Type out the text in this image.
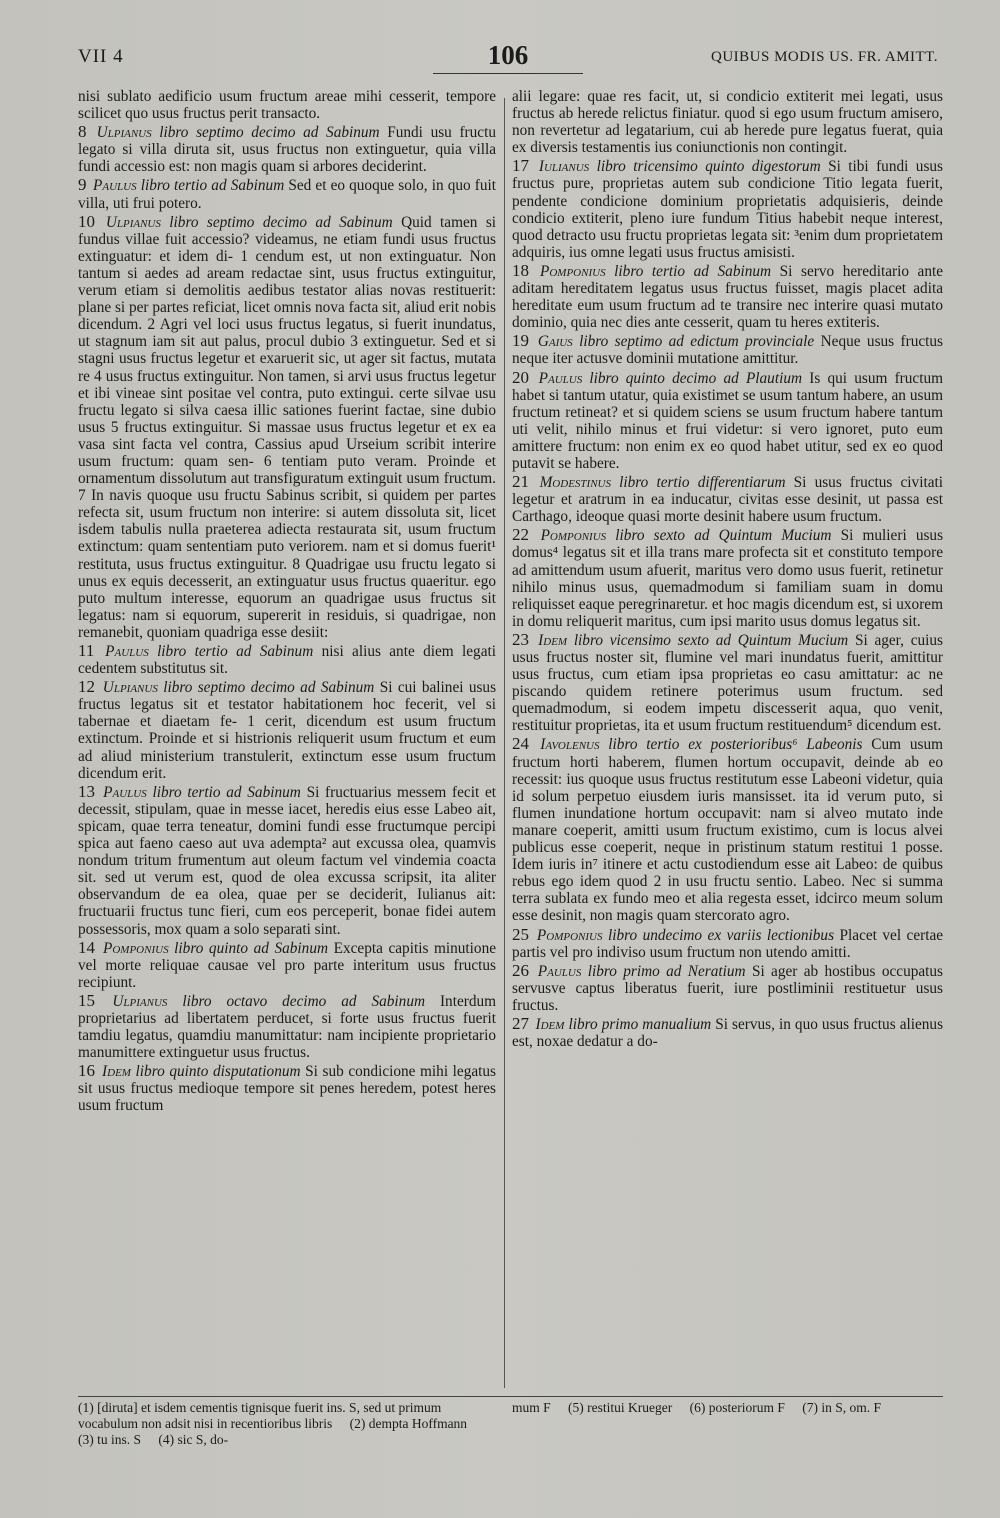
VII 4	106	QUIBUS MODIS US. FR. AMITT.
nisi sublato aedificio usum fructum areae mihi cesserit, tempore scilicet quo usus fructus perit transacto.
8 Ulpianus libro septimo decimo ad Sabinum Fundi usu fructu legato si villa diruta sit, usus fructus non extinguetur, quia villa fundi accessio est: non magis quam si arbores deciderint.
9 Paulus libro tertio ad Sabinum Sed et eo quoque solo, in quo fuit villa, uti frui potero.
10 Ulpianus libro septimo decimo ad Sabinum Quid tamen si fundus villae fuit accessio? videamus, ne etiam fundi usus fructus extinguatur: et idem di- 1 cendum est, ut non extinguatur. Non tantum si aedes ad aream redactae sint, usus fructus extinguitur, verum etiam si demolitis aedibus testator alias novas restituerit: plane si per partes reficiat, licet omnis nova facta sit, aliud erit nobis dicendum. 2 Agri vel loci usus fructus legatus, si fuerit inundatus, ut stagnum iam sit aut palus, procul dubio 3 extinguetur. Sed et si stagni usus fructus legetur et exaruerit sic, ut ager sit factus, mutata re 4 usus fructus extinguitur. Non tamen, si arvi usus fructus legetur et ibi vineae sint positae vel contra, puto extingui. certe silvae usu fructu legato si silva caesa illic sationes fuerint factae, sine dubio usus 5 fructus extinguitur. Si massae usus fructus legetur et ex ea vasa sint facta vel contra, Cassius apud Urseium scribit interire usum fructum: quam sen- 6 tentiam puto veram. Proinde et ornamentum dissolutum aut transfiguratum extinguit usum fructum. 7 In navis quoque usu fructu Sabinus scribit, si quidem per partes refecta sit, usum fructum non interire: si autem dissoluta sit, licet isdem tabulis nulla praeterea adiecta restaurata sit, usum fructum extinctum: quam sententiam puto veriorem. nam et si domus fuerit¹ restituta, usus fructus extinguitur. 8 Quadrigae usu fructu legato si unus ex equis decesserit, an extinguatur usus fructus quaeritur. ego puto multum interesse, equorum an quadrigae usus fructus sit legatus: nam si equorum, supererit in residuis, si quadrigae, non remanebit, quoniam quadriga esse desiit:
11 Paulus libro tertio ad Sabinum nisi alius ante diem legati cedentem substitutus sit.
12 Ulpianus libro septimo decimo ad Sabinum Si cui balinei usus fructus legatus sit et testator habitationem hoc fecerit, vel si tabernae et diaetam fe- 1 cerit, dicendum est usum fructum extinctum. Proinde et si histrionis reliquerit usum fructum et eum ad aliud ministerium transtulerit, extinctum esse usum fructum dicendum erit.
13 Paulus libro tertio ad Sabinum Si fructuarius messem fecit et decessit, stipulam, quae in messe iacet, heredis eius esse Labeo ait, spicam, quae terra teneatur, domini fundi esse fructumque percipi spica aut faeno caeso aut uva adempta² aut excussa olea, quamvis nondum tritum frumentum aut oleum factum vel vindemia coacta sit. sed ut verum est, quod de olea excussa scripsit, ita aliter observandum de ea olea, quae per se deciderit, Iulianus ait: fructuarii fructus tunc fieri, cum eos perceperit, bonae fidei autem possessoris, mox quam a solo separati sint.
14 Pomponius libro quinto ad Sabinum Excepta capitis minutione vel morte reliquae causae vel pro parte interitum usus fructus recipiunt.
15 Ulpianus libro octavo decimo ad Sabinum Interdum proprietarius ad libertatem perducet, si forte usus fructus fuerit tamdiu legatus, quamdiu manumittatur: nam incipiente proprietario manumittere extinguetur usus fructus.
16 Idem libro quinto disputationum Si sub condicione mihi legatus sit usus fructus medioque tempore sit penes heredem, potest heres usum fructum
alii legare: quae res facit, ut, si condicio extiterit mei legati, usus fructus ab herede relictus finiatur. quod si ego usum fructum amisero, non revertetur ad legatarium, cui ab herede pure legatus fuerat, quia ex diversis testamentis ius coniunctionis non contingit.
17 Iulianus libro tricensimo quinto digestorum Si tibi fundi usus fructus pure, proprietas autem sub condicione Titio legata fuerit, pendente condicione dominium proprietatis adquisieris, deinde condicio extiterit, pleno iure fundum Titius habebit neque interest, quod detracto usu fructu proprietas legata sit: ³enim dum proprietatem adquiris, ius omne legati usus fructus amisisti.
18 Pomponius libro tertio ad Sabinum Si servo hereditario ante aditam hereditatem legatus usus fructus fuisset, magis placet adita hereditate eum usum fructum ad te transire nec interire quasi mutato dominio, quia nec dies ante cesserit, quam tu heres extiteris.
19 Gaius libro septimo ad edictum provinciale Neque usus fructus neque iter actusve dominii mutatione amittitur.
20 Paulus libro quinto decimo ad Plautium Is qui usum fructum habet si tantum utatur, quia existimet se usum tantum habere, an usum fructum retineat? et si quidem sciens se usum fructum habere tantum uti velit, nihilo minus et frui videtur: si vero ignoret, puto eum amittere fructum: non enim ex eo quod habet utitur, sed ex eo quod putavit se habere.
21 Modestinus libro tertio differentiarum Si usus fructus civitati legetur et aratrum in ea inducatur, civitas esse desinit, ut passa est Carthago, ideoque quasi morte desinit habere usum fructum.
22 Pomponius libro sexto ad Quintum Mucium Si mulieri usus domus⁴ legatus sit et illa trans mare profecta sit et constituto tempore ad amittendum usum afuerit, maritus vero domo usus fuerit, retinetur nihilo minus usus, quemadmodum si familiam suam in domu reliquisset eaque peregrinaretur. et hoc magis dicendum est, si uxorem in domu reliquerit maritus, cum ipsi marito usus domus legatus sit.
23 Idem libro vicensimo sexto ad Quintum Mucium Si ager, cuius usus fructus noster sit, flumine vel mari inundatus fuerit, amittitur usus fructus, cum etiam ipsa proprietas eo casu amittatur: ac ne piscando quidem retinere poterimus usum fructum. sed quemadmodum, si eodem impetu discesserit aqua, quo venit, restituitur proprietas, ita et usum fructum restituendum⁵ dicendum est.
24 Iavolenus libro tertio ex posterioribus⁶ Labeonis Cum usum fructum horti haberem, flumen hortum occupavit, deinde ab eo recessit: ius quoque usus fructus restitutum esse Labeoni videtur, quia id solum perpetuo eiusdem iuris mansisset. ita id verum puto, si flumen inundatione hortum occupavit: nam si alveo mutato inde manare coeperit, amitti usum fructum existimo, cum is locus alvei publicus esse coeperit, neque in pristinum statum restitui 1 posse. Idem iuris in⁷ itinere et actu custodiendum esse ait Labeo: de quibus rebus ego idem quod 2 in usu fructu sentio. Labeo. Nec si summa terra sublata ex fundo meo et alia regesta esset, idcirco meum solum esse desinit, non magis quam stercorato agro.
25 Pomponius libro undecimo ex variis lectionibus Placet vel certae partis vel pro indiviso usum fructum non utendo amitti.
26 Paulus libro primo ad Neratium Si ager ab hostibus occupatus servusve captus liberatus fuerit, iure postliminii restituetur usus fructus.
27 Idem libro primo manualium Si servus, in quo usus fructus alienus est, noxae dedatur a do-
(1) [diruta] et isdem cementis tignisque fuerit ins. S, sed ut primum vocabulum non adsit nisi in recentioribus libris (2) dempta Hoffmann (3) tu ins. S (4) sic S, do-
mum F (5) restitui Krueger (6) posteriorum F (7) in S, om. F
